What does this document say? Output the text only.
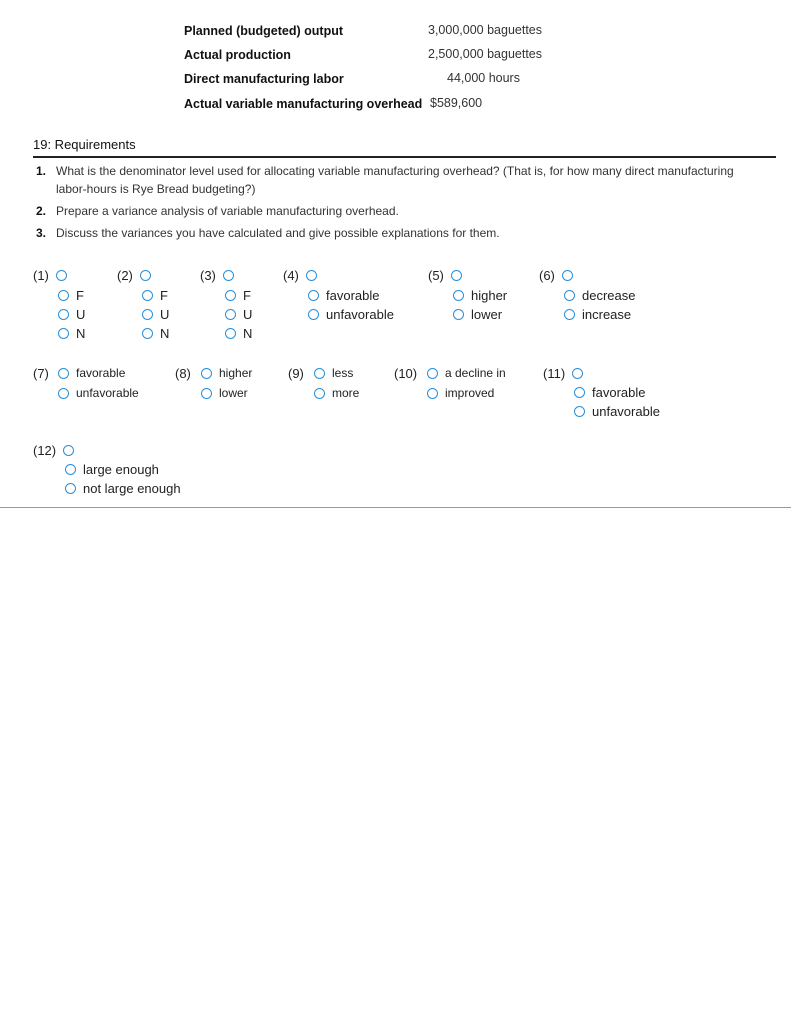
Planned (budgeted) output	3,000,000 baguettes
Actual production	2,500,000 baguettes
Direct manufacturing labor	44,000 hours
Actual variable manufacturing overhead $589,600
19: Requirements
1. What is the denominator level used for allocating variable manufacturing overhead? (That is, for how many direct manufacturing
labor-hours is Rye Bread budgeting?)
2. Prepare a variance analysis of variable manufacturing overhead.
3. Discuss the variances you have calculated and give possible explanations for them.
(1)
F
U
N
(2)
F
U
N
(3)
F
U
N
(4)
favorable
unfavorable
(5)
higher
lower
(6)
decrease
increase
(7) favorable
unfavorable
(8) higher
lower
(9) less
more
(10) a decline in
improved
(11)
favorable
unfavorable
(12)
large enough
not large enough
